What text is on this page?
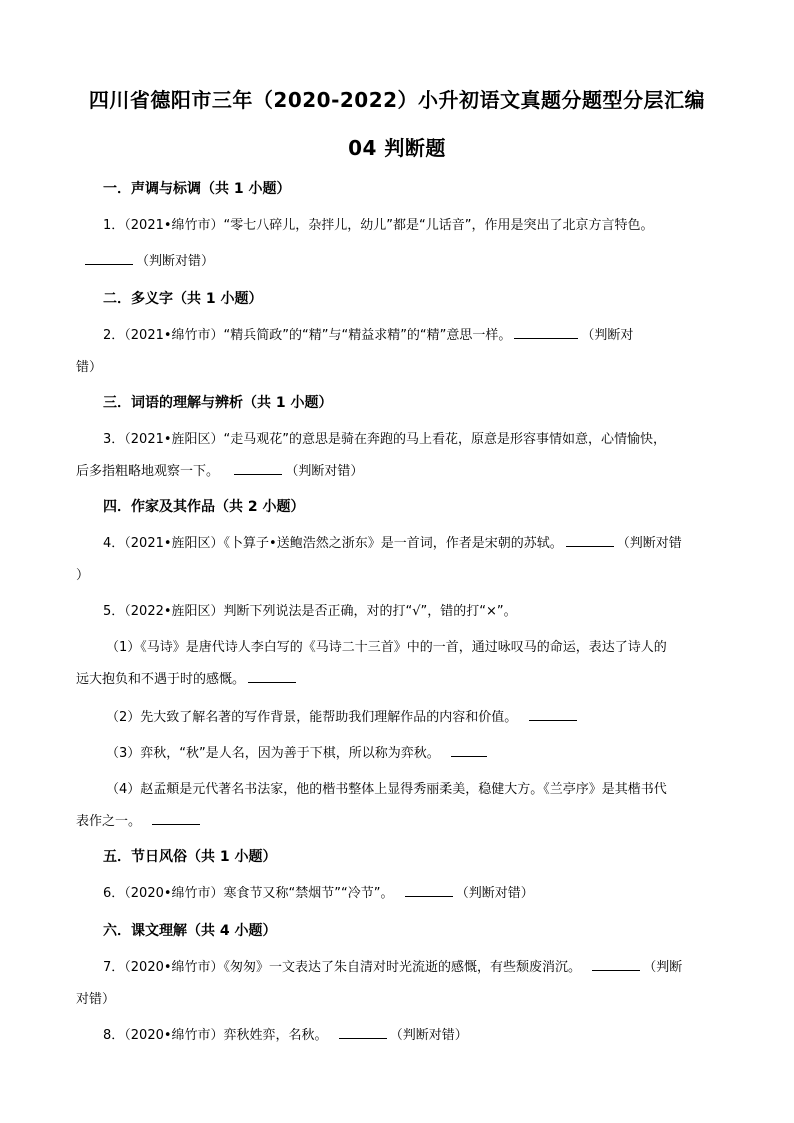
四川省德阳市三年（2020-2022）小升初语文真题分题型分层汇编
04 判断题
一．声调与标调（共 1 小题）
1．（2021•绵竹市）“零七八碎儿，杂拌儿，幼儿”都是“儿话音”，作用是突出了北京方言特色。
（判断对错）
二．多义字（共 1 小题）
2．（2021•绵竹市）“精兵简政”的“精”与“精益求精”的“精”意思一样。	（判断对
错）
三．词语的理解与辨析（共 1 小题）
3．（2021•旌阳区）“走马观花”的意思是骑在奔跑的马上看花，原意是形容事情如意，心情愉快，
后多指粗略地观察一下。	（判断对错）
四．作家及其作品（共 2 小题）
4．（2021•旌阳区）《卜算子•送鲍浩然之浙东》是一首词，作者是宋朝的苏轼。	（判断对错
）
5．（2022•旌阳区）判断下列说法是否正确，对的打“√”，错的打“×”。
（1）《马诗》是唐代诗人李白写的《马诗二十三首》中的一首，通过咏叹马的命运，表达了诗人的
远大抱负和不遇于时的感慨。
（2）先大致了解名著的写作背景，能帮助我们理解作品的内容和价值。
（3）弈秋，“秋”是人名，因为善于下棋，所以称为弈秋。
（4）赵孟頫是元代著名书法家，他的楷书整体上显得秀丽柔美，稳健大方。《兰亭序》是其楷书代
表作之一。
五．节日风俗（共 1 小题）
6．（2020•绵竹市）寒食节又称“禁烟节”“冷节”。	（判断对错）
六．课文理解（共 4 小题）
7．（2020•绵竹市）《匆匆》一文表达了朱自清对时光流逝的感慨，有些颓废消沉。	（判断
对错）
8．（2020•绵竹市）弈秋姓弈，名秋。	（判断对错）
